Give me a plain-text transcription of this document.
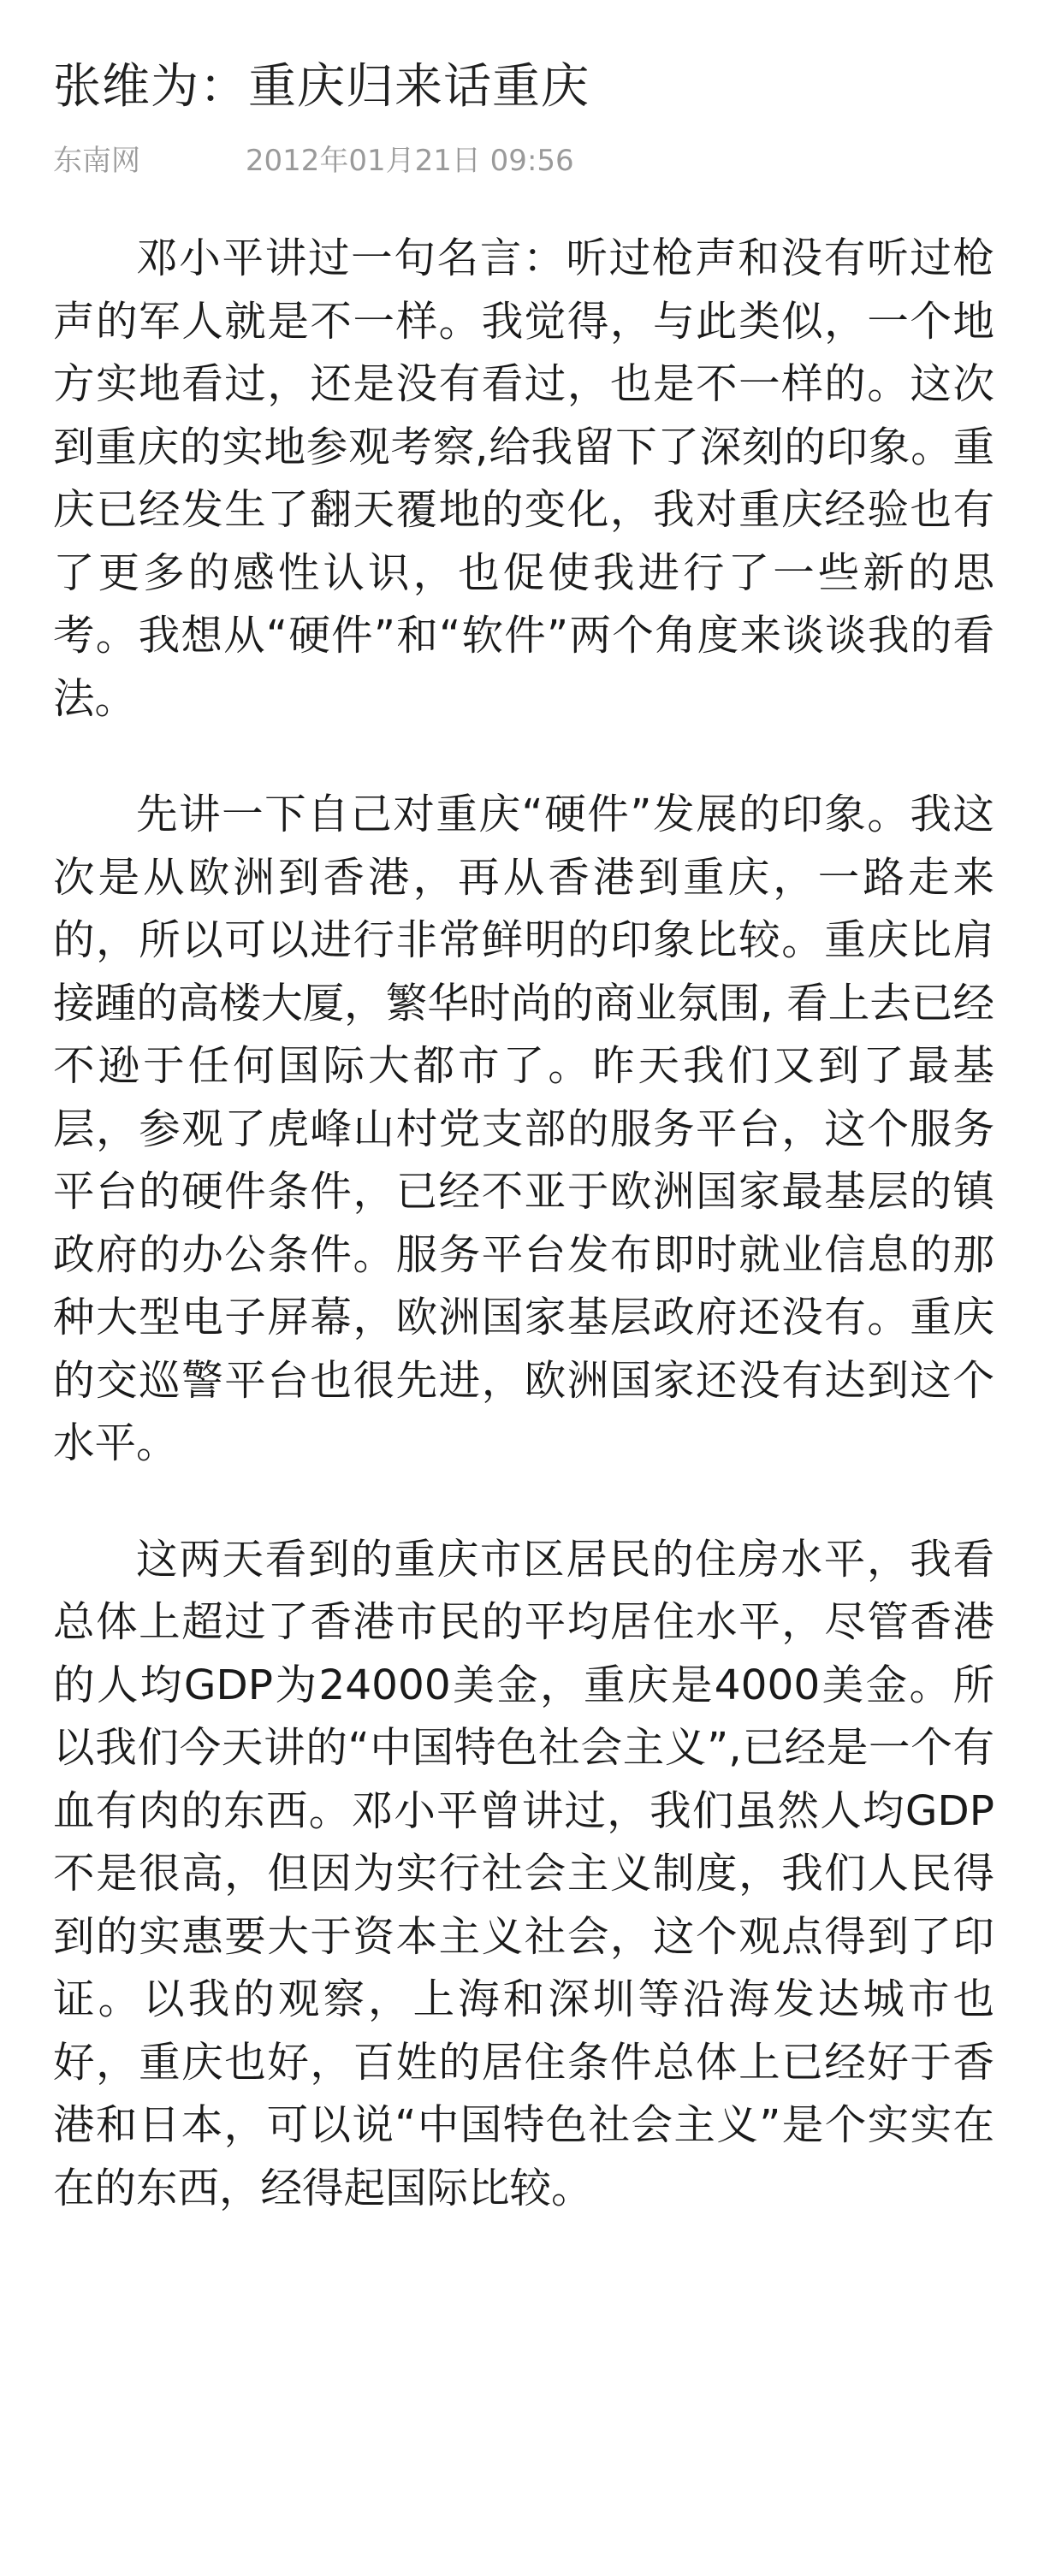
张维为：重庆归来话重庆
东南网	2012年01月21日 09:56

邓小平讲过一句名言：听过枪声和没有听过枪声的军人就是不一样。我觉得，与此类似，一个地方实地看过，还是没有看过，也是不一样的。这次到重庆的实地参观考察,给我留下了深刻的印象。重庆已经发生了翻天覆地的变化，我对重庆经验也有了更多的感性认识，也促使我进行了一些新的思考。我想从“硬件”和“软件”两个角度来谈谈我的看法。

先讲一下自己对重庆“硬件”发展的印象。我这次是从欧洲到香港，再从香港到重庆，一路走来的，所以可以进行非常鲜明的印象比较。重庆比肩接踵的高楼大厦，繁华时尚的商业氛围, 看上去已经不逊于任何国际大都市了。昨天我们又到了最基层，参观了虎峰山村党支部的服务平台，这个服务平台的硬件条件，已经不亚于欧洲国家最基层的镇政府的办公条件。服务平台发布即时就业信息的那种大型电子屏幕，欧洲国家基层政府还没有。重庆的交巡警平台也很先进，欧洲国家还没有达到这个水平。

这两天看到的重庆市区居民的住房水平，我看总体上超过了香港市民的平均居住水平，尽管香港的人均GDP为24000美金，重庆是4000美金。所以我们今天讲的“中国特色社会主义”,已经是一个有血有肉的东西。邓小平曾讲过，我们虽然人均GDP不是很高，但因为实行社会主义制度，我们人民得到的实惠要大于资本主义社会，这个观点得到了印证。以我的观察，上海和深圳等沿海发达城市也好，重庆也好，百姓的居住条件总体上已经好于香港和日本，可以说“中国特色社会主义”是个实实在在的东西，经得起国际比较。
